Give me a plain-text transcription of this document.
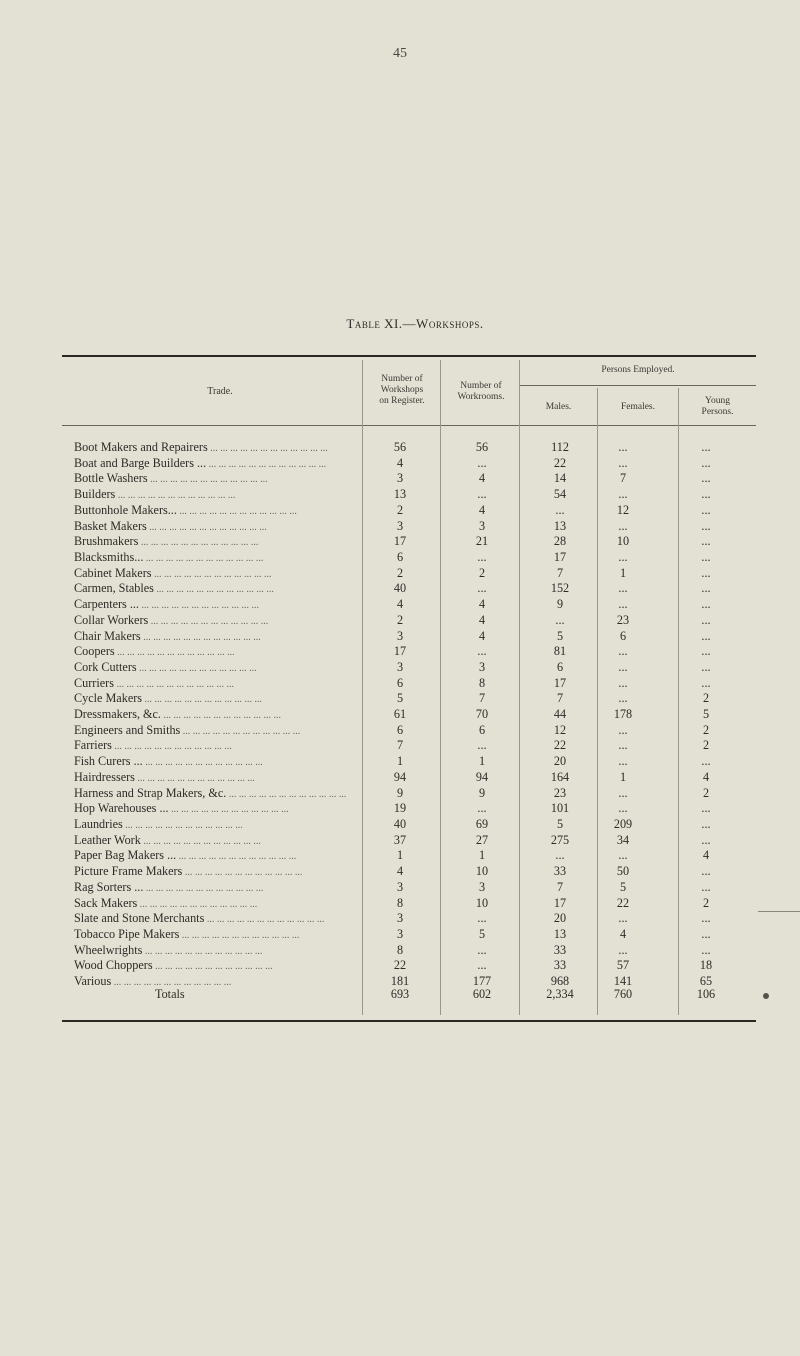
45
Table XI.—Workshops.
Trade.
Number of
Workshops
on Register.
Number of
Workrooms.
Persons Employed.
Males.	Females.
Young
Persons.
Boot Makers and Repairers ... ... ... ... ... ... ... ... ... ... ... ...	56	56	112	...	...
Boat and Barge Builders ... ... ... ... ... ... ... ... ... ... ... ... ...	4	...	22	...	...
Bottle Washers ... ... ... ... ... ... ... ... ... ... ... ...	3	4	14	7	...
Builders ... ... ... ... ... ... ... ... ... ... ... ...	13	...	54	...	...
Buttonhole Makers... ... ... ... ... ... ... ... ... ... ... ... ...	2	4	...	12	...
Basket Makers ... ... ... ... ... ... ... ... ... ... ... ...	3	3	13	...	...
Brushmakers ... ... ... ... ... ... ... ... ... ... ... ...	17	21	28	10	...
Blacksmiths... ... ... ... ... ... ... ... ... ... ... ... ...	6	...	17	...	...
Cabinet Makers ... ... ... ... ... ... ... ... ... ... ... ...	2	2	7	1	...
Carmen, Stables ... ... ... ... ... ... ... ... ... ... ... ...	40	...	152	...	...
Carpenters ... ... ... ... ... ... ... ... ... ... ... ... ...	4	4	9	...	...
Collar Workers ... ... ... ... ... ... ... ... ... ... ... ...	2	4	...	23	...
Chair Makers ... ... ... ... ... ... ... ... ... ... ... ...	3	4	5	6	...
Coopers ... ... ... ... ... ... ... ... ... ... ... ...	17	...	81	...	...
Cork Cutters ... ... ... ... ... ... ... ... ... ... ... ...	3	3	6	...	...
Curriers ... ... ... ... ... ... ... ... ... ... ... ...	6	8	17	...	...
Cycle Makers ... ... ... ... ... ... ... ... ... ... ... ...	5	7	7	...	2
Dressmakers, &c. ... ... ... ... ... ... ... ... ... ... ... ...	61	70	44	178	5
Engineers and Smiths ... ... ... ... ... ... ... ... ... ... ... ...	6	6	12	...	2
Farriers ... ... ... ... ... ... ... ... ... ... ... ...	7	...	22	...	2
Fish Curers ... ... ... ... ... ... ... ... ... ... ... ... ...	1	1	20	...	...
Hairdressers ... ... ... ... ... ... ... ... ... ... ... ...	94	94	164	1	4
Harness and Strap Makers, &c. ... ... ... ... ... ... ... ... ... ... ... ...	9	9	23	...	2
Hop Warehouses ... ... ... ... ... ... ... ... ... ... ... ... ...	19	...	101	...	...
Laundries ... ... ... ... ... ... ... ... ... ... ... ...	40	69	5	209	...
Leather Work ... ... ... ... ... ... ... ... ... ... ... ...	37	27	275	34	...
Paper Bag Makers ... ... ... ... ... ... ... ... ... ... ... ... ...	1	1	...	...	4
Picture Frame Makers ... ... ... ... ... ... ... ... ... ... ... ...	4	10	33	50	...
Rag Sorters ... ... ... ... ... ... ... ... ... ... ... ... ...	3	3	7	5	...
Sack Makers ... ... ... ... ... ... ... ... ... ... ... ...	8	10	17	22	2
Slate and Stone Merchants ... ... ... ... ... ... ... ... ... ... ... ...	3	...	20	...	...
Tobacco Pipe Makers ... ... ... ... ... ... ... ... ... ... ... ...	3	5	13	4	...
Wheelwrights ... ... ... ... ... ... ... ... ... ... ... ...	8	...	33	...	...
Wood Choppers ... ... ... ... ... ... ... ... ... ... ... ...	22	...	33	57	18
Various ... ... ... ... ... ... ... ... ... ... ... ...	181	177	968	141	65
Totals	693	602	2,334	760	106
